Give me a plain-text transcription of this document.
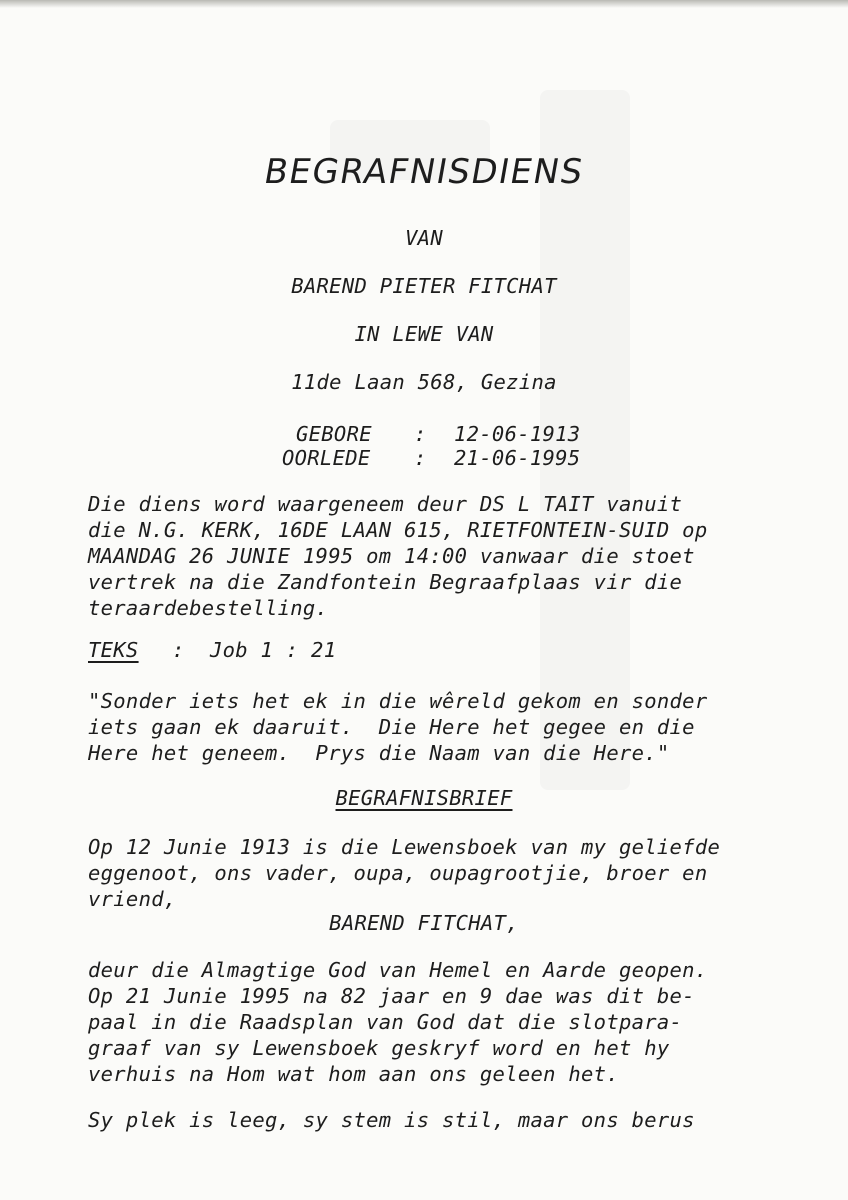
BEGRAFNISDIENS
VAN
BAREND PIETER FITCHAT
IN LEWE VAN
11de Laan 568, Gezina
GEBORE : 12-06-1913
OORLEDE : 21-06-1995
Die diens word waargeneem deur DS L TAIT vanuit
die N.G. KERK, 16DE LAAN 615, RIETFONTEIN-SUID op
MAANDAG 26 JUNIE 1995 om 14:00 vanwaar die stoet
vertrek na die Zandfontein Begraafplaas vir die
teraardebestelling.
TEKS :  Job 1 : 21
"Sonder iets het ek in die wêreld gekom en sonder
iets gaan ek daaruit.  Die Here het gegee en die
Here het geneem.  Prys die Naam van die Here."
BEGRAFNISBRIEF
Op 12 Junie 1913 is die Lewensboek van my geliefde
eggenoot, ons vader, oupa, oupagrootjie, broer en
vriend,
BAREND FITCHAT,
deur die Almagtige God van Hemel en Aarde geopen.
Op 21 Junie 1995 na 82 jaar en 9 dae was dit be-
paal in die Raadsplan van God dat die slotpara-
graaf van sy Lewensboek geskryf word en het hy
verhuis na Hom wat hom aan ons geleen het.
Sy plek is leeg, sy stem is stil, maar ons berus
